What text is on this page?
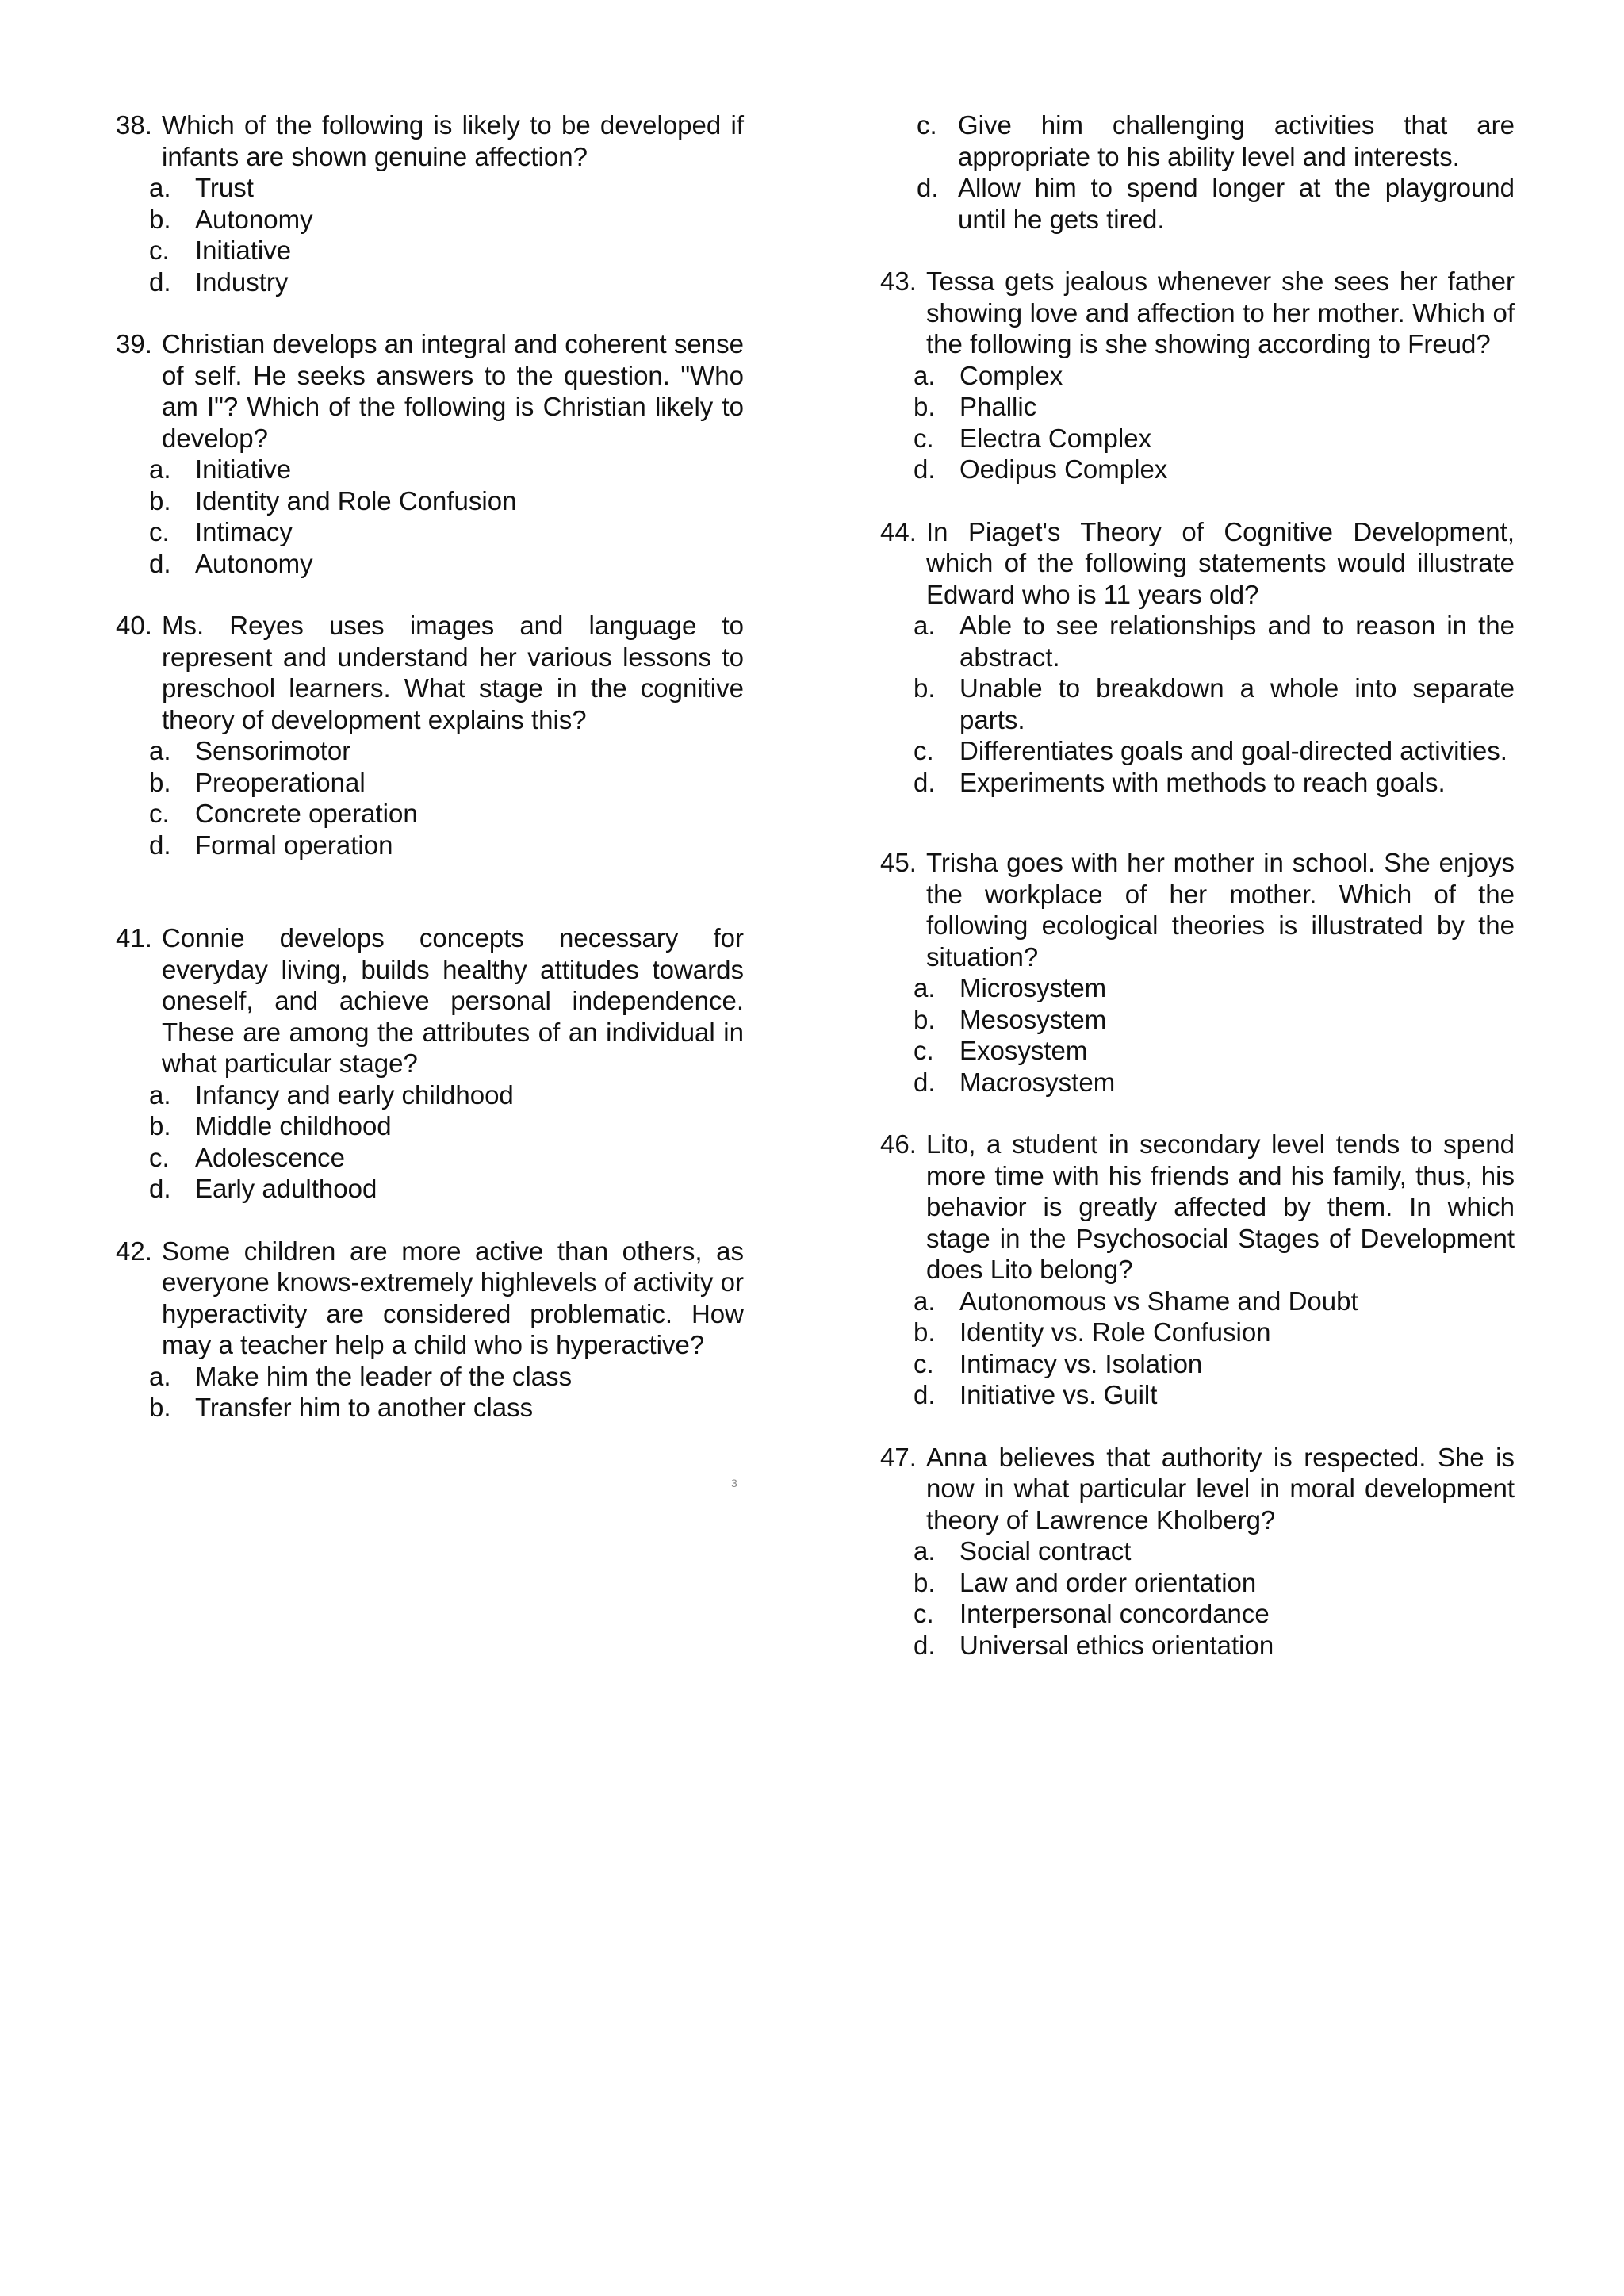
38. Which of the following is likely to be developed if infants are shown genuine affection?
a. Trust
b. Autonomy
c. Initiative
d. Industry
39. Christian develops an integral and coherent sense of self. He seeks answers to the question. "Who am I"? Which of the following is Christian likely to develop?
a. Initiative
b. Identity and Role Confusion
c. Intimacy
d. Autonomy
40. Ms. Reyes uses images and language to represent and understand her various lessons to preschool learners. What stage in the cognitive theory of development explains this?
a. Sensorimotor
b. Preoperational
c. Concrete operation
d. Formal operation
41. Connie develops concepts necessary for everyday living, builds healthy attitudes towards oneself, and achieve personal independence. These are among the attributes of an individual in what particular stage?
a. Infancy and early childhood
b. Middle childhood
c. Adolescence
d. Early adulthood
42. Some children are more active than others, as everyone knows-extremely highlevels of activity or hyperactivity are considered problematic. How may a teacher help a child who is hyperactive?
a. Make him the leader of the class
b. Transfer him to another class
3
c. Give him challenging activities that are appropriate to his ability level and interests.
d. Allow him to spend longer at the playground until he gets tired.
43. Tessa gets jealous whenever she sees her father showing love and affection to her mother. Which of the following is she showing according to Freud?
a. Complex
b. Phallic
c. Electra Complex
d. Oedipus Complex
44. In Piaget's Theory of Cognitive Development, which of the following statements would illustrate Edward who is 11 years old?
a. Able to see relationships and to reason in the abstract.
b. Unable to breakdown a whole into separate parts.
c. Differentiates goals and goal-directed activities.
d. Experiments with methods to reach goals.
45. Trisha goes with her mother in school. She enjoys the workplace of her mother. Which of the following ecological theories is illustrated by the situation?
a. Microsystem
b. Mesosystem
c. Exosystem
d. Macrosystem
46. Lito, a student in secondary level tends to spend more time with his friends and his family, thus, his behavior is greatly affected by them. In which stage in the Psychosocial Stages of Development does Lito belong?
a. Autonomous vs Shame and Doubt
b. Identity vs. Role Confusion
c. Intimacy vs. Isolation
d. Initiative vs. Guilt
47. Anna believes that authority is respected. She is now in what particular level in moral development theory of Lawrence Kholberg?
a. Social contract
b. Law and order orientation
c. Interpersonal concordance
d. Universal ethics orientation
